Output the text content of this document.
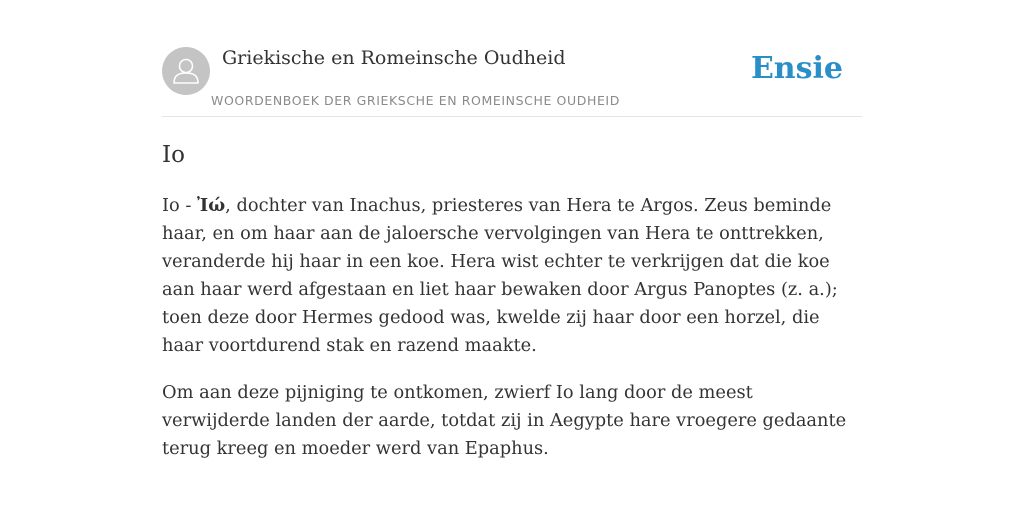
Griekische en Romeinsche Oudheid
WOORDENBOEK DER GRIEKSCHE EN ROMEINSCHE OUDHEID
Ensie
Io

Io - Ἰώ, dochter van Inachus, priesteres van Hera te Argos. Zeus beminde haar, en om haar aan de jaloersche vervolgingen van Hera te onttrekken, veranderde hij haar in een koe. Hera wist echter te verkrijgen dat die koe aan haar werd afgestaan en liet haar bewaken door Argus Panoptes (z. a.); toen deze door Hermes gedood was, kwelde zij haar door een horzel, die haar voortdurend stak en razend maakte.

Om aan deze pijniging te ontkomen, zwierf Io lang door de meest verwijderde landen der aarde, totdat zij in Aegypte hare vroegere gedaante terug kreeg en moeder werd van Epaphus.
